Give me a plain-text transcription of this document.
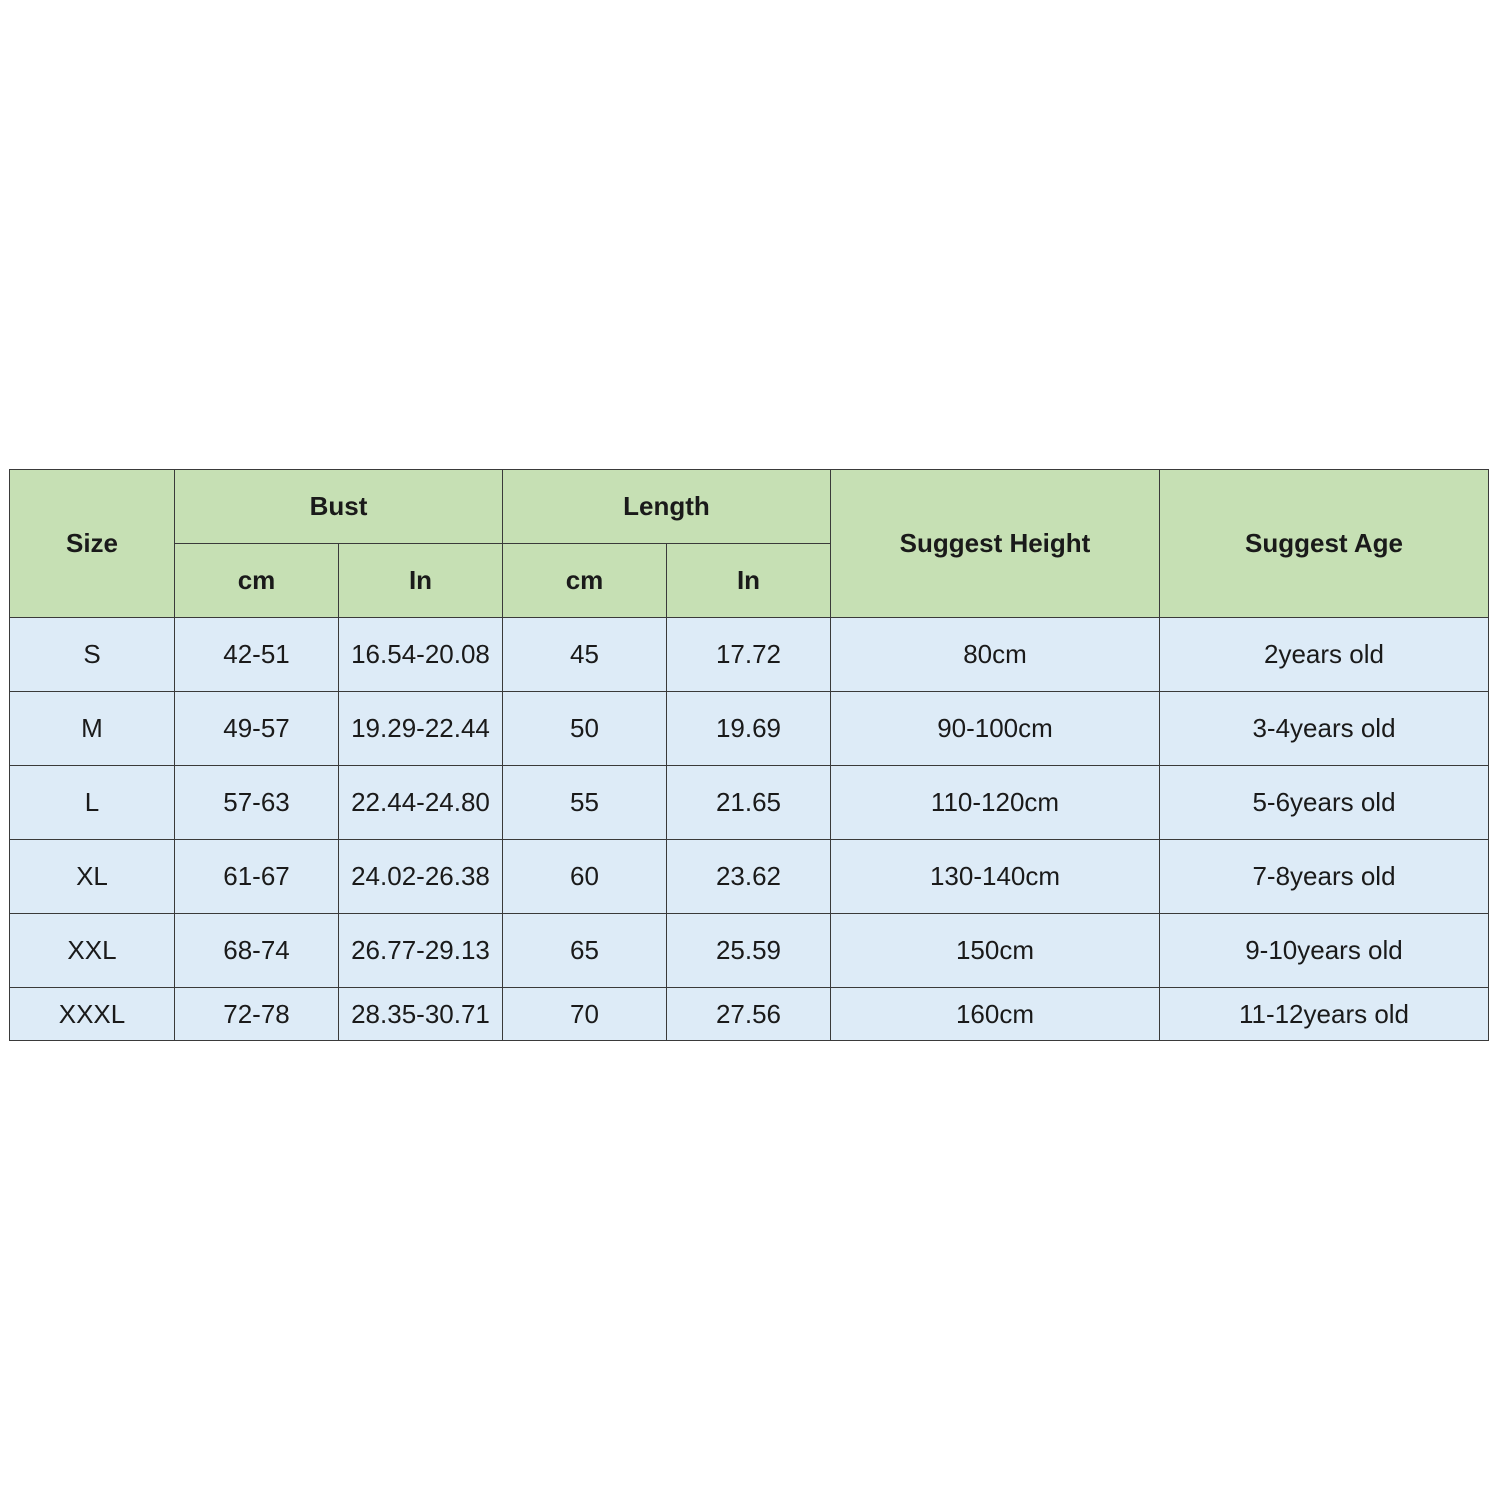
Size	Bust		Length		Suggest Height	Suggest Age
	cm	In	cm	In		
S	42-51	16.54-20.08	45	17.72	80cm	2years old
M	49-57	19.29-22.44	50	19.69	90-100cm	3-4years old
L	57-63	22.44-24.80	55	21.65	110-120cm	5-6years old
XL	61-67	24.02-26.38	60	23.62	130-140cm	7-8years old
XXL	68-74	26.77-29.13	65	25.59	150cm	9-10years old
XXXL	72-78	28.35-30.71	70	27.56	160cm	11-12years old
